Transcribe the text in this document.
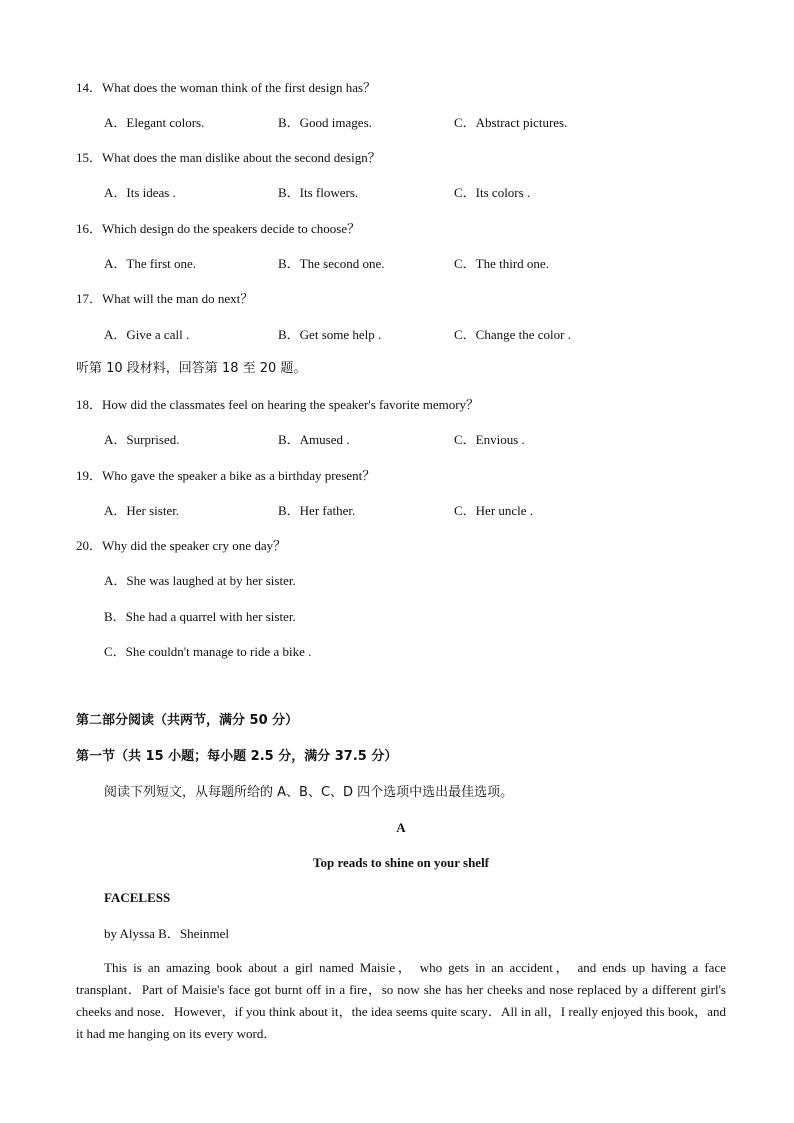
14．What does the woman think of the first design has？
A．Elegant colors.	B．Good images.	C．Abstract pictures.
15．What does the man dislike about the second design？
A．Its ideas .	B．Its flowers.	C．Its colors .
16．Which design do the speakers decide to choose？
A．The first one.	B．The second one.	C．The third one.
17．What will the man do next？
A．Give a call .	B．Get some help .	C．Change the color .
听第 10 段材料，回答第 18 至 20 题。
18．How did the classmates feel on hearing the speaker's favorite memory？
A．Surprised.	B．Amused .	C．Envious .
19．Who gave the speaker a bike as a birthday present？
A．Her sister.	B．Her father.	C．Her uncle .
20．Why did the speaker cry one day？
A．She was laughed at by her sister.
B．She had a quarrel with her sister.
C．She couldn't manage to ride a bike .
第二部分阅读（共两节，满分 50 分）
第一节（共 15 小题；每小题 2.5 分，满分 37.5 分）
阅读下列短文，从每题所给的 A、B、C、D 四个选项中选出最佳选项。
A
Top reads to shine on your shelf
FACELESS
by Alyssa B．Sheinmel
This is an amazing book about a girl named Maisie， who gets in an accident， and ends up having a face transplant．Part of Maisie's face got burnt off in a fire，so now she has her cheeks and nose replaced by a different girl's cheeks and nose．However，if you think about it，the idea seems quite scary．All in all，I really enjoyed this book，and it had me hanging on its every word．
